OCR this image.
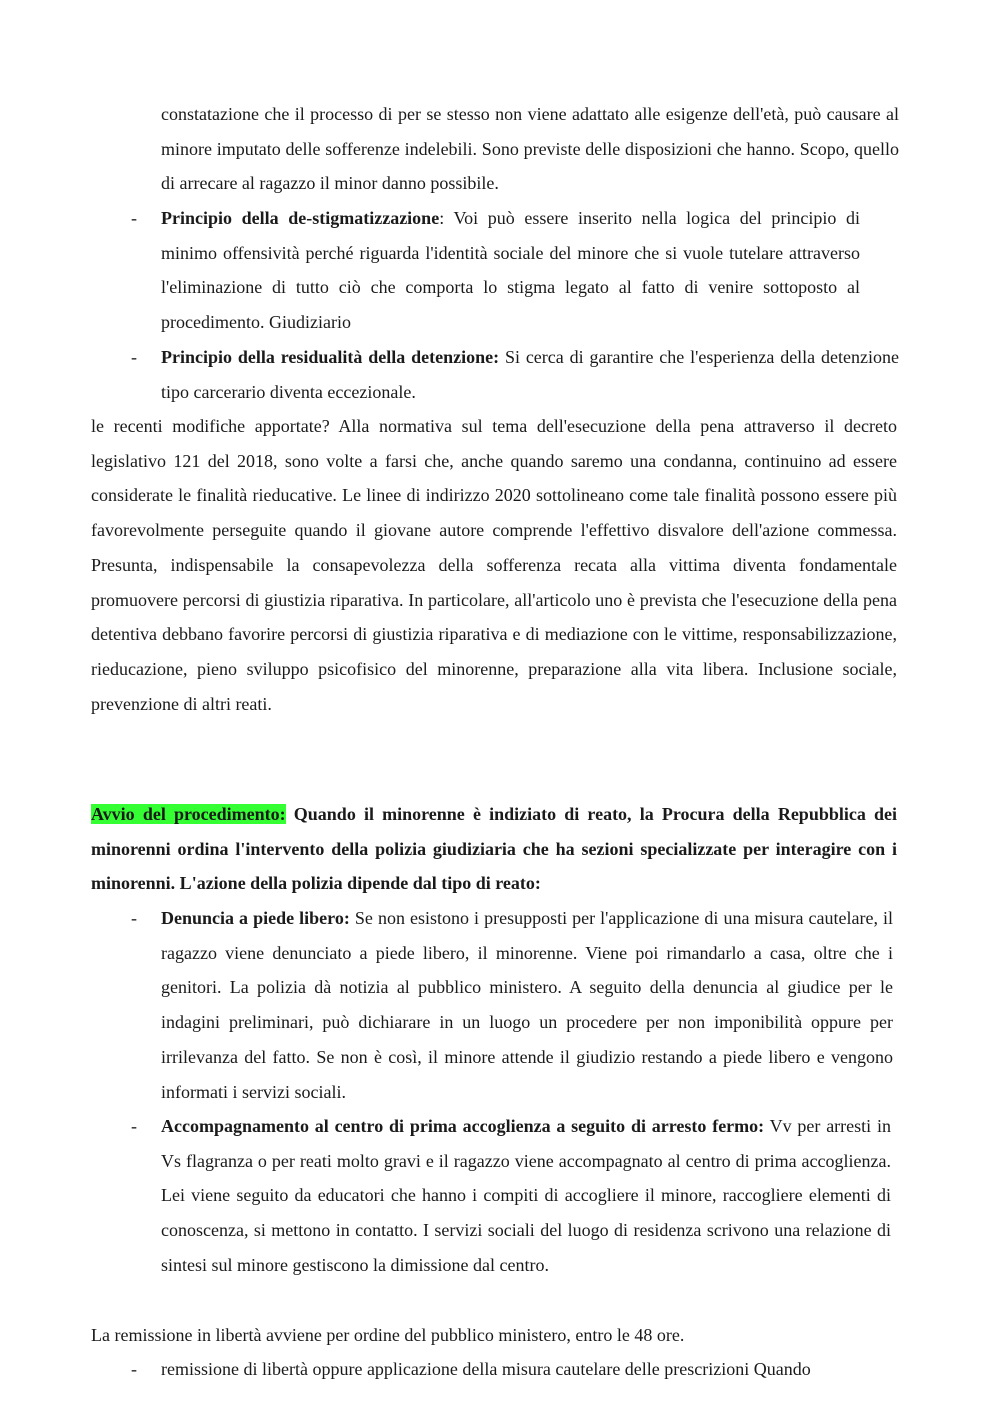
constatazione che il processo di per se stesso non viene adattato alle esigenze dell'età, può causare al minore imputato delle sofferenze indelebili. Sono previste delle disposizioni che hanno. Scopo, quello di arrecare al ragazzo il minor danno possibile.

- Principio della de-stigmatizzazione: Voi può essere inserito nella logica del principio di minimo offensività perché riguarda l'identità sociale del minore che si vuole tutelare attraverso l'eliminazione di tutto ciò che comporta lo stigma legato al fatto di venire sottoposto al procedimento. Giudiziario
- Principio della residualità della detenzione: Si cerca di garantire che l'esperienza della detenzione tipo carcerario diventa eccezionale.

le recenti modifiche apportate? Alla normativa sul tema dell'esecuzione della pena attraverso il decreto legislativo 121 del 2018, sono volte a farsi che, anche quando saremo una condanna, continuino ad essere considerate le finalità rieducative. Le linee di indirizzo 2020 sottolineano come tale finalità possono essere più favorevolmente perseguite quando il giovane autore comprende l'effettivo disvalore dell'azione commessa. Presunta, indispensabile la consapevolezza della sofferenza recata alla vittima diventa fondamentale promuovere percorsi di giustizia riparativa. In particolare, all'articolo uno è prevista che l'esecuzione della pena detentiva debbano favorire percorsi di giustizia riparativa e di mediazione con le vittime, responsabilizzazione, rieducazione, pieno sviluppo psicofisico del minorenne, preparazione alla vita libera. Inclusione sociale, prevenzione di altri reati.

Avvio del procedimento: Quando il minorenne è indiziato di reato, la Procura della Repubblica dei minorenni ordina l'intervento della polizia giudiziaria che ha sezioni specializzate per interagire con i minorenni. L'azione della polizia dipende dal tipo di reato:

- Denuncia a piede libero: Se non esistono i presupposti per l'applicazione di una misura cautelare, il ragazzo viene denunciato a piede libero, il minorenne. Viene poi rimandarlo a casa, oltre che i genitori. La polizia dà notizia al pubblico ministero. A seguito della denuncia al giudice per le indagini preliminari, può dichiarare in un luogo un procedere per non imponibilità oppure per irrilevanza del fatto. Se non è così, il minore attende il giudizio restando a piede libero e vengono informati i servizi sociali.
- Accompagnamento al centro di prima accoglienza a seguito di arresto fermo: Vv per arresti in Vs flagranza o per reati molto gravi e il ragazzo viene accompagnato al centro di prima accoglienza. Lei viene seguito da educatori che hanno i compiti di accogliere il minore, raccogliere elementi di conoscenza, si mettono in contatto. I servizi sociali del luogo di residenza scrivono una relazione di sintesi sul minore gestiscono la dimissione dal centro.

La remissione in libertà avviene per ordine del pubblico ministero, entro le 48 ore.

- remissione di libertà oppure applicazione della misura cautelare delle prescrizioni Quando
